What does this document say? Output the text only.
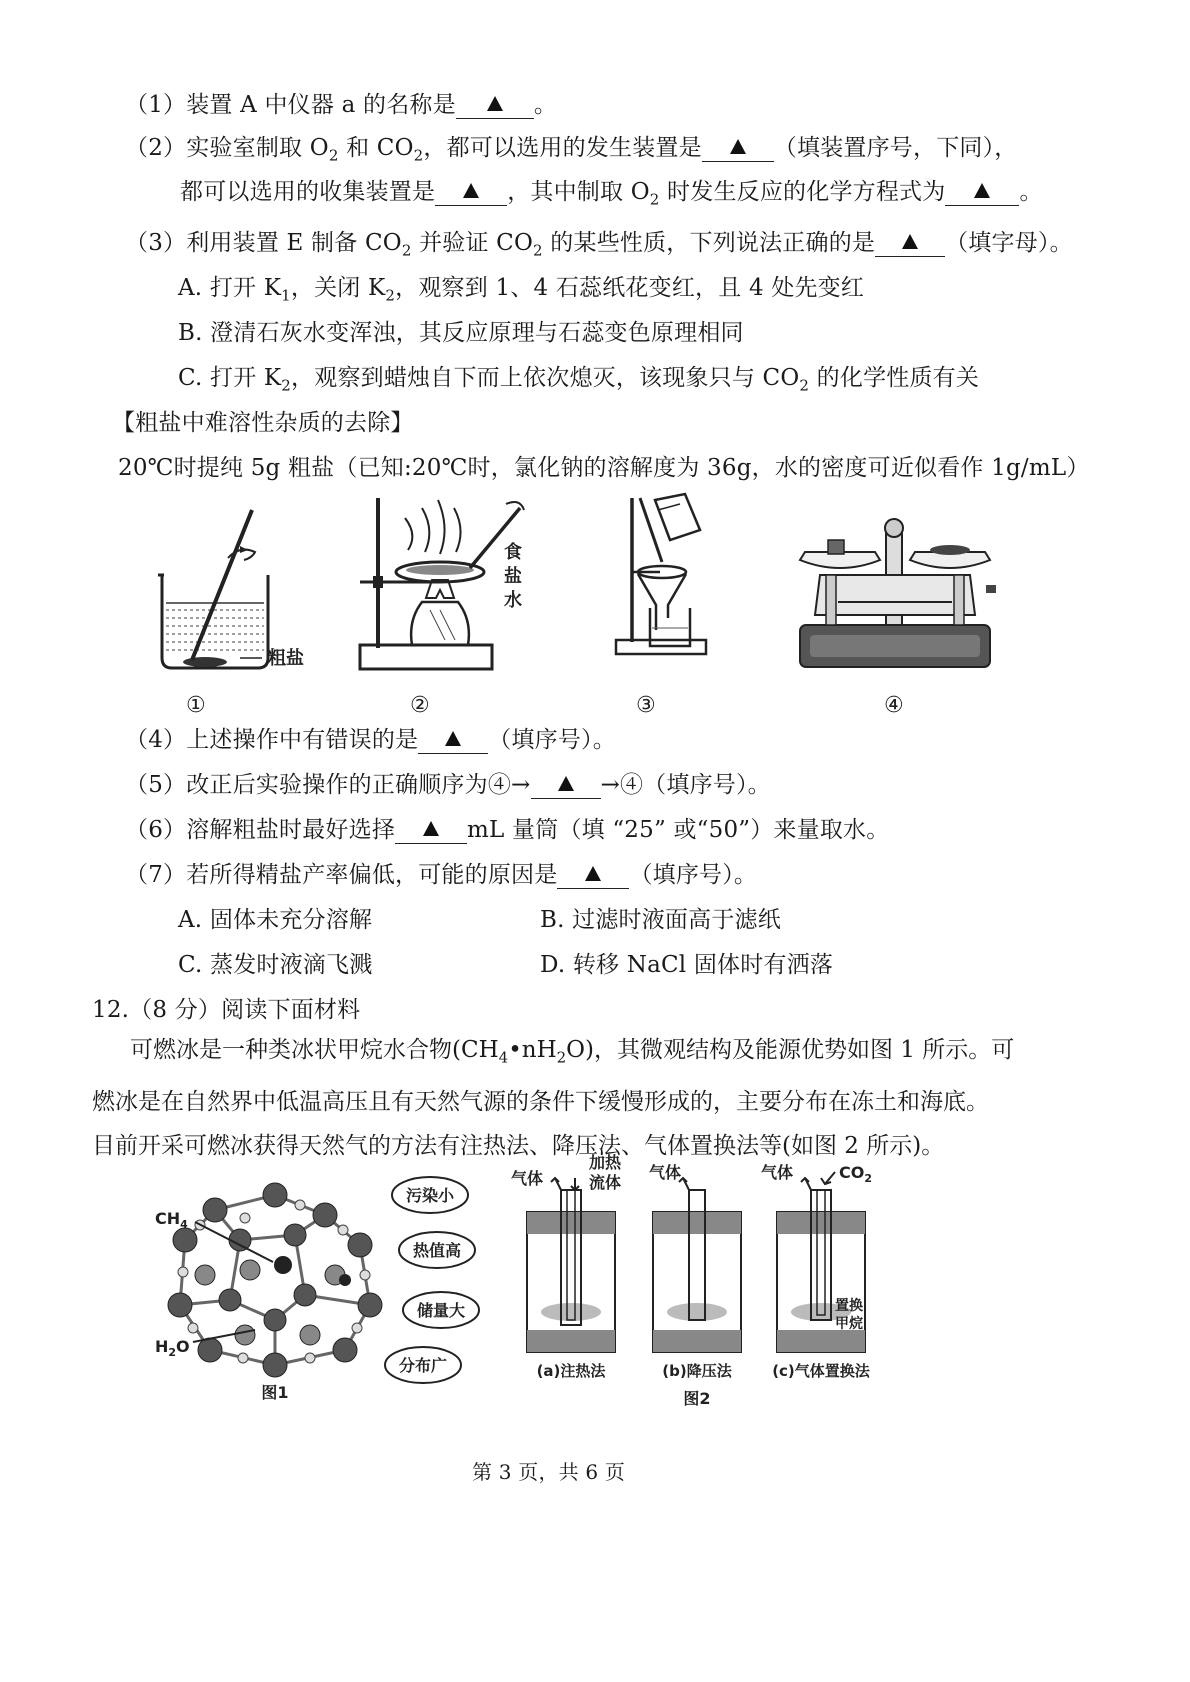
（1）装置 A 中仪器 a 的名称是	。
（2）实验室制取 $O_2$ 和 $CO_2$，都可以选用的发生装置是	（填装置序号，下同），
都可以选用的收集装置是	，其中制取 $O_2$ 时发生反应的化学方程式为	。
（3）利用装置 E 制备 $CO_2$ 并验证 $CO_2$ 的某些性质，下列说法正确的是	（填字母）。
A. 打开 $K_1$，关闭 $K_2$，观察到 1、4 石蕊纸花变红，且 4 处先变红
B. 澄清石灰水变浑浊，其反应原理与石蕊变色原理相同
C. 打开 $K_2$，观察到蜡烛自下而上依次熄灭，该现象只与 $CO_2$ 的化学性质有关
【粗盐中难溶性杂质的去除】
20℃时提纯 5g 粗盐（已知:20℃时，氯化钠的溶解度为 36g，水的密度可近似看作 1g/mL）
粗盐
食
盐
水
①	②	③	④
（4）上述操作中有错误的是	（填序号）。
（5）改正后实验操作的正确顺序为④→	→④（填序号）。
（6）溶解粗盐时最好选择	mL 量筒（填 “25” 或“50”）来量取水。
（7）若所得精盐产率偏低，可能的原因是	（填序号）。
A. 固体未充分溶解	B. 过滤时液面高于滤纸
C. 蒸发时液滴飞溅	D. 转移 NaCl 固体时有洒落
12.（8 分）阅读下面材料
可燃冰是一种类冰状甲烷水合物$(CH_4•nH_2O)$，其微观结构及能源优势如图 1 所示。可
燃冰是在自然界中低温高压且有天然气源的条件下缓慢形成的，主要分布在冻土和海底。
目前开采可燃冰获得天然气的方法有注热法、降压法、气体置换法等(如图 2 所示)。
$CH_4$
$H_2O$
污染小
热值高
储量大
分布广
图1
气体
加热
流体
(a)注热法
气体
(b)降压法
气体	$CO_2$
置换
甲烷
(c)气体置换法
图2
第 3 页，共 6 页
